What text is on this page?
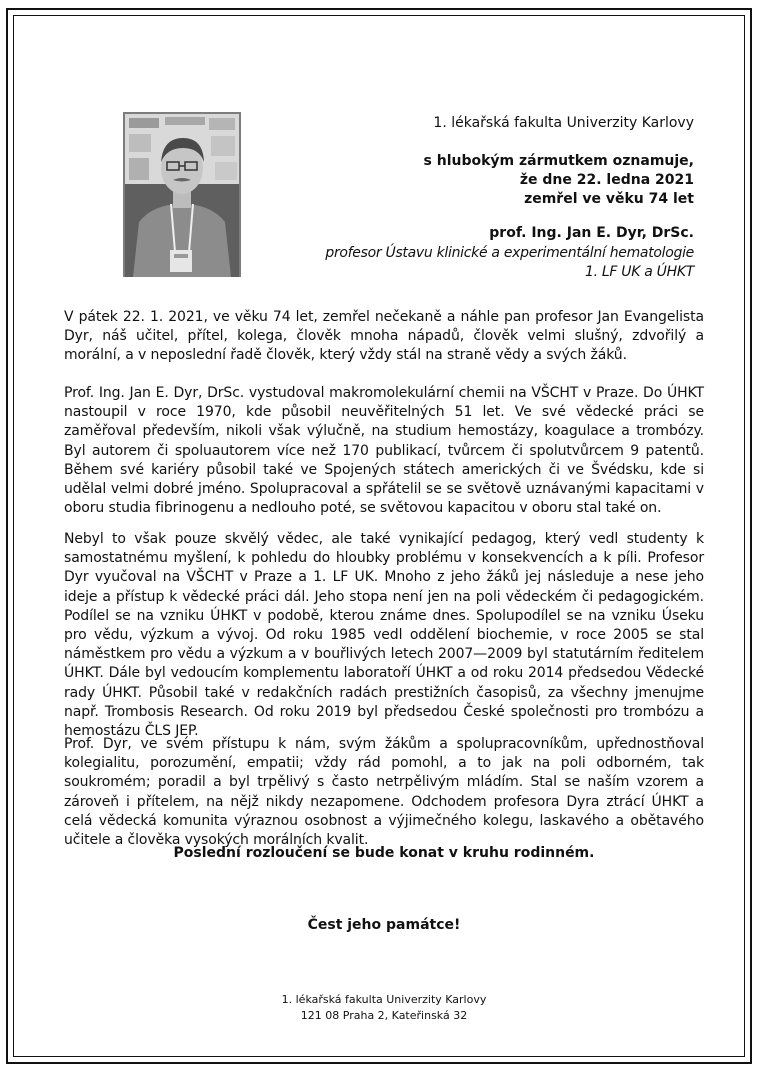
1. lékařská fakulta Univerzity Karlovy
s hlubokým zármutkem oznamuje,
že dne 22. ledna 2021
zemřel ve věku 74 let
prof. Ing. Jan E. Dyr, DrSc.
profesor Ústavu klinické a experimentální hematologie
1. LF UK a ÚHKT

V pátek 22. 1. 2021, ve věku 74 let, zemřel nečekaně a náhle pan profesor Jan Evangelista Dyr, náš učitel, přítel, kolega, člověk mnoha nápadů, člověk velmi slušný, zdvořilý a morální, a v neposlední řadě člověk, který vždy stál na straně vědy a svých žáků.

Prof. Ing. Jan E. Dyr, DrSc. vystudoval makromolekulární chemii na VŠCHT v Praze. Do ÚHKT nastoupil v roce 1970, kde působil neuvěřitelných 51 let. Ve své vědecké práci se zaměřoval především, nikoli však výlučně, na studium hemostázy, koagulace a trombózy. Byl autorem či spoluautorem více než 170 publikací, tvůrcem či spolutvůrcem 9 patentů. Během své kariéry působil také ve Spojených státech amerických či ve Švédsku, kde si udělal velmi dobré jméno. Spolupracoval a spřátelil se se světově uznávanými kapacitami v oboru studia fibrinogenu a nedlouho poté, se světovou kapacitou v oboru stal také on.

Nebyl to však pouze skvělý vědec, ale také vynikající pedagog, který vedl studenty k samostatnému myšlení, k pohledu do hloubky problému v konsekvencích a k píli. Profesor Dyr vyučoval na VŠCHT v Praze a 1. LF UK. Mnoho z jeho žáků jej následuje a nese jeho ideje a přístup k vědecké práci dál. Jeho stopa není jen na poli vědeckém či pedagogickém. Podílel se na vzniku ÚHKT v podobě, kterou známe dnes. Spolupodílel se na vzniku Úseku pro vědu, výzkum a vývoj. Od roku 1985 vedl oddělení biochemie, v roce 2005 se stal náměstkem pro vědu a výzkum a v bouřlivých letech 2007—2009 byl statutárním ředitelem ÚHKT. Dále byl vedoucím komplementu laboratoří ÚHKT a od roku 2014 předsedou Vědecké rady ÚHKT. Působil také v redakčních radách prestižních časopisů, za všechny jmenujme např. Trombosis Research. Od roku 2019 byl předsedou České společnosti pro trombózu a hemostázu ČLS JEP.

Prof. Dyr, ve svém přístupu k nám, svým žákům a spolupracovníkům, upřednostňoval kolegialitu, porozumění, empatii; vždy rád pomohl, a to jak na poli odborném, tak soukromém; poradil a byl trpělivý s často netrpělivým mládím. Stal se naším vzorem a zároveň i přítelem, na nějž nikdy nezapomene. Odchodem profesora Dyra ztrácí ÚHKT a celá vědecká komunita výraznou osobnost a výjimečného kolegu, laskavého a obětavého učitele a člověka vysokých morálních kvalit.

Poslední rozloučení se bude konat v kruhu rodinném.
Čest jeho památce!
1. lékařská fakulta Univerzity Karlovy
121 08 Praha 2, Kateřinská 32
